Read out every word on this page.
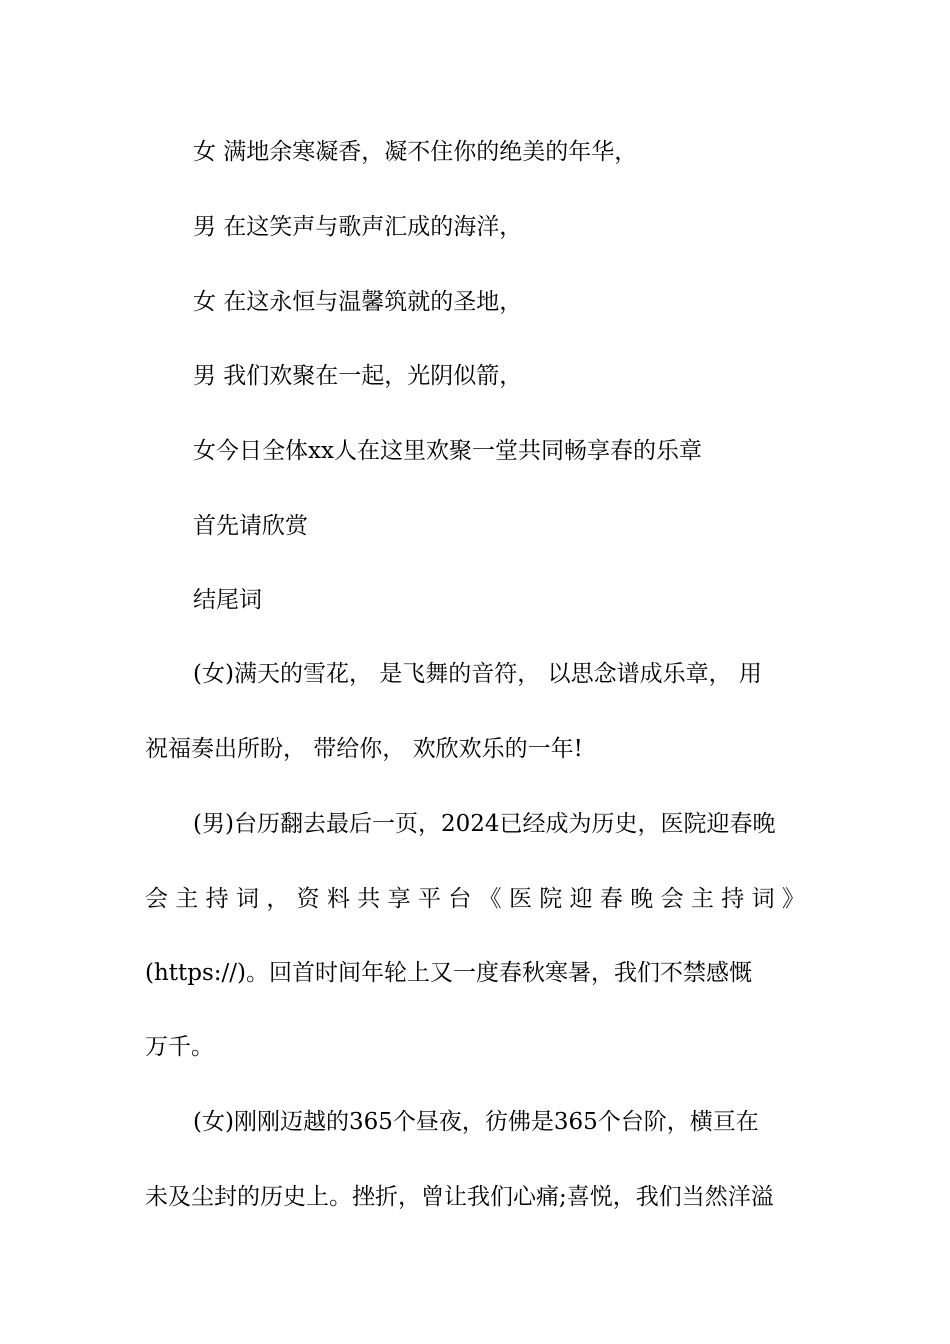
女 满地余寒凝香，凝不住你的绝美的年华，
男 在这笑声与歌声汇成的海洋，
女 在这永恒与温馨筑就的圣地，
男 我们欢聚在一起，光阴似箭，
女今日全体xx人在这里欢聚一堂共同畅享春的乐章
首先请欣赏
结尾词
(女)满天的雪花， 是飞舞的音符， 以思念谱成乐章， 用
祝福奏出所盼， 带给你， 欢欣欢乐的一年!
(男)台历翻去最后一页，2024已经成为历史，医院迎春晚
会 主 持 词 ， 资 料 共 享 平 台 《 医 院 迎 春 晚 会 主 持 词 》
(https://)。回首时间年轮上又一度春秋寒暑，我们不禁感慨
万千。
(女)刚刚迈越的365个昼夜，彷佛是365个台阶，横亘在
未及尘封的历史上。挫折，曾让我们心痛;喜悦，我们当然洋溢
